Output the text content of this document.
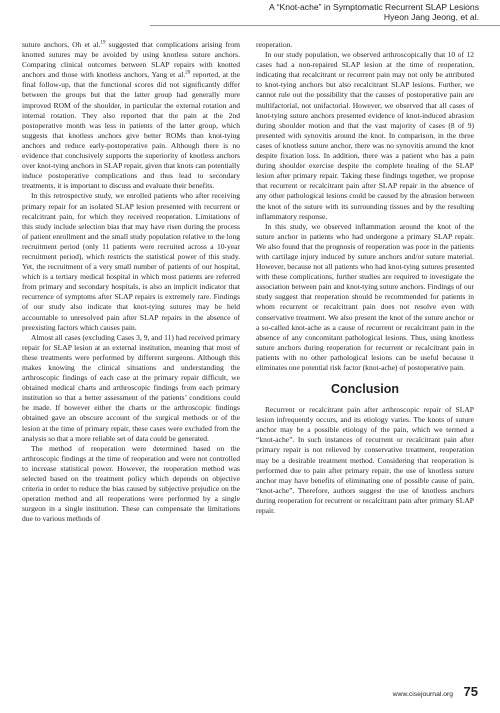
A “Knot-ache” in Symptomatic Recurrent SLAP Lesions
Hyeon Jang Jeong, et al.

suture anchors, Oh et al.$^{19}$ suggested that complications arising from knotted sutures may be avoided by using knotless suture anchors. Comparing clinical outcomes between SLAP repairs with knotted anchors and those with knotless anchors, Yang et al.$^{20}$ reported, at the final follow-up, that the functional scores did not significantly differ between the groups but that the latter group had generally more improved ROM of the shoulder, in particular the external rotation and internal rotation. They also reported that the pain at the 2nd postoperative month was less in patients of the latter group, which suggests that knotless anchors give better ROMs than knot-tying anchors and reduce early-postoperative pain. Although there is no evidence that conclusively supports the superiority of knotless anchors over knot-tying anchors in SLAP repair, given that knots can potentially induce postoperative complications and thus lead to secondary treatments, it is important to discuss and evaluate their benefits.

In this retrospective study, we enrolled patients who after receiving primary repair for an isolated SLAP lesion presented with recurrent or recalcitrant pain, for which they received reoperation. Limitations of this study include selection bias that may have risen during the process of patient enrollment and the small study population relative to the long recruitment period (only 11 patients were recruited across a 10-year recruitment period), which restricts the statistical power of this study. Yet, the recruitment of a very small number of patients of our hospital, which is a tertiary medical hospital in which most patients are referred from primary and secondary hospitals, is also an implicit indicator that recurrence of symptoms after SLAP repairs is extremely rare. Findings of our study also indicate that knot-tying sutures may be held accountable to unresolved pain after SLAP repairs in the absence of preexisting factors which causes pain.

Almost all cases (excluding Cases 3, 9, and 11) had received primary repair for SLAP lesion at an external institution, meaning that most of these treatments were performed by different surgeons. Although this makes knowing the clinical situations and understanding the arthroscopic findings of each case at the primary repair difficult, we obtained medical charts and arthroscopic findings from each primary institution so that a better assessment of the patients’ conditions could be made. If however either the charts or the arthroscopic findings obtained gave an obscure account of the surgical methods or of the lesion at the time of primary repair, these cases were excluded from the analysis so that a more reliable set of data could be generated.

The method of reoperation were determined based on the arthroscopic findings at the time of reoperation and were not controlled to increase statistical power. However, the reoperation method was selected based on the treatment policy which depends on objective criteria in order to reduce the bias caused by subjective prejudice on the operation method and all reoperations were performed by a single surgeon in a single institution. These can compensate the limitations due to various methods of

reoperation.

In our study population, we observed arthroscopically that 10 of 12 cases had a non-repaired SLAP lesion at the time of reoperation, indicating that recalcitrant or recurrent pain may not only be attributed to knot-tying anchors but also recalcitrant SLAP lesions. Further, we cannot rule out the possibility that the causes of postoperative pain are multifactorial, not unifactorial. However, we observed that all cases of knot-tying suture anchors presented evidence of knot-induced abrasion during shoulder motion and that the vast majority of cases (8 of 9) presented with synovitis around the knot. In comparison, in the three cases of knotless suture anchor, there was no synovitis around the knot despite fixation loss. In addition, there was a patient who has a pain during shoulder exercise despite the complete healing of the SLAP lesion after primary repair. Taking these findings together, we propose that recurrent or recalcitrant pain after SLAP repair in the absence of any other pathological lesions could be caused by the abrasion between the knot of the suture with its surrounding tissues and by the resulting inflammatory response.

In this study, we observed inflammation around the knot of the suture anchor in patients who had undergone a primary SLAP repair. We also found that the prognosis of reoperation was poor in the patients with cartilage injury induced by suture anchors and/or suture material. However, because not all patients who had knot-tying sutures presented with these complications, further studies are required to investigate the association between pain and knot-tying suture anchors. Findings of our study suggest that reoperation should be recommended for patients in whom recurrent or recalcitrant pain does not resolve even with conservative treatment. We also present the knot of the suture anchor or a so-called knot-ache as a cause of recurrent or recalcitrant pain in the absence of any concomitant pathological lesions. Thus, using knotless suture anchors during reoperation for recurrent or recalcitrant pain in patients with no other pathological lesions can be useful because it eliminates one potential risk factor (knot-ache) of postoperative pain.

Conclusion

Recurrent or recalcitrant pain after arthroscopic repair of SLAP lesion infrequently occurs, and its etiology varies. The knots of suture anchor may be a possible etiology of the pain, which we termed a “knot-ache”. In such instances of recurrent or recalcitrant pain after primary repair is not relieved by conservative treatment, reoperation may be a desirable treatment method. Considering that reoperation is performed due to pain after primary repair, the use of knotless suture anchor may have benefits of eliminating one of possible cause of pain, “knot-ache”. Therefore, authors suggest the use of knotless anchors during reoperation for recurrent or recalcitrant pain after primary SLAP repair.

www.cisejournal.org 75
